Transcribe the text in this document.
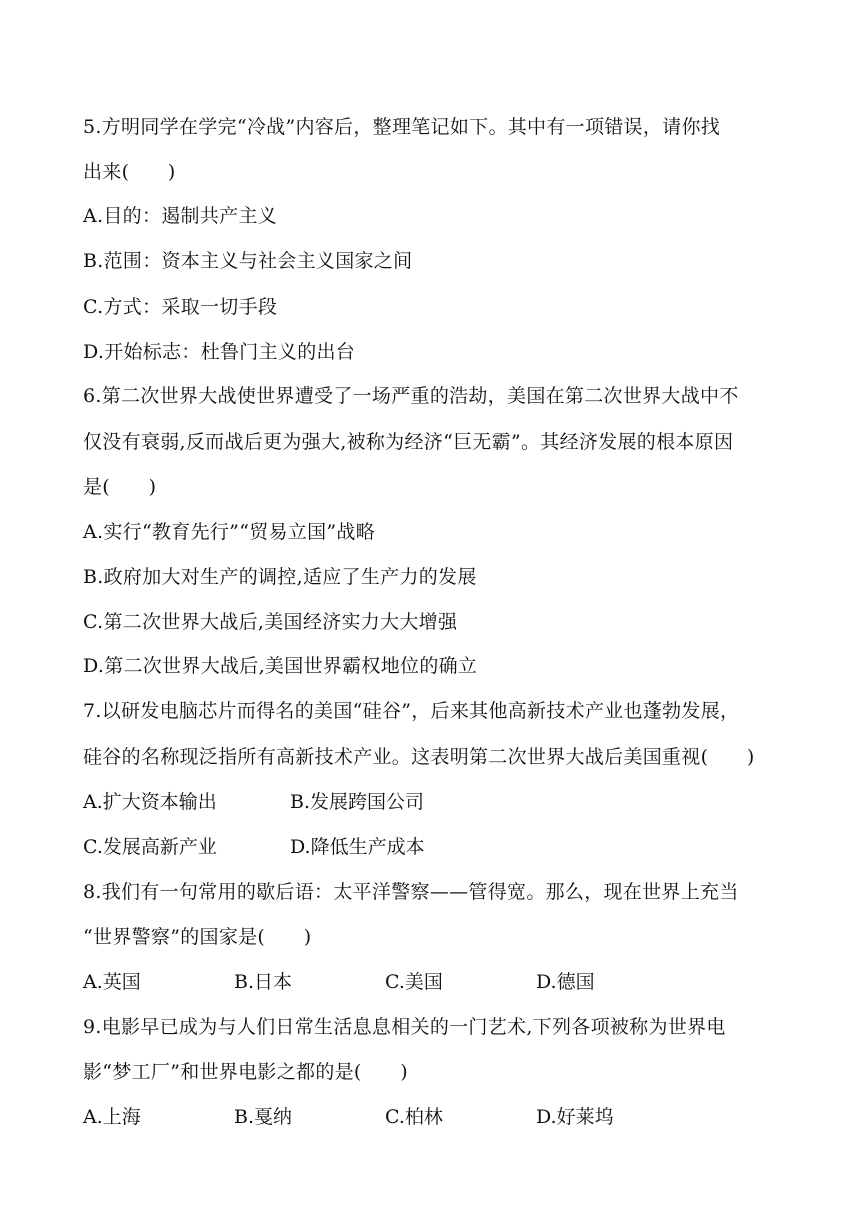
5.方明同学在学完“冷战”内容后，整理笔记如下。其中有一项错误，请你找
出来(　　)
A.目的：遏制共产主义
B.范围：资本主义与社会主义国家之间
C.方式：采取一切手段
D.开始标志：杜鲁门主义的出台
6.第二次世界大战使世界遭受了一场严重的浩劫，美国在第二次世界大战中不
仅没有衰弱,反而战后更为强大,被称为经济“巨无霸”。其经济发展的根本原因
是(　　)
A.实行“教育先行”“贸易立国”战略
B.政府加大对生产的调控,适应了生产力的发展
C.第二次世界大战后,美国经济实力大大增强
D.第二次世界大战后,美国世界霸权地位的确立
7.以研发电脑芯片而得名的美国“硅谷”，后来其他高新技术产业也蓬勃发展，
硅谷的名称现泛指所有高新技术产业。这表明第二次世界大战后美国重视(　　)
A.扩大资本输出	B.发展跨国公司
C.发展高新产业	D.降低生产成本
8.我们有一句常用的歇后语：太平洋警察——管得宽。那么，现在世界上充当
“世界警察”的国家是(　　)
A.英国	B.日本	C.美国	D.德国
9.电影早已成为与人们日常生活息息相关的一门艺术,下列各项被称为世界电
影“梦工厂”和世界电影之都的是(　　)
A.上海	B.戛纳	C.柏林	D.好莱坞
